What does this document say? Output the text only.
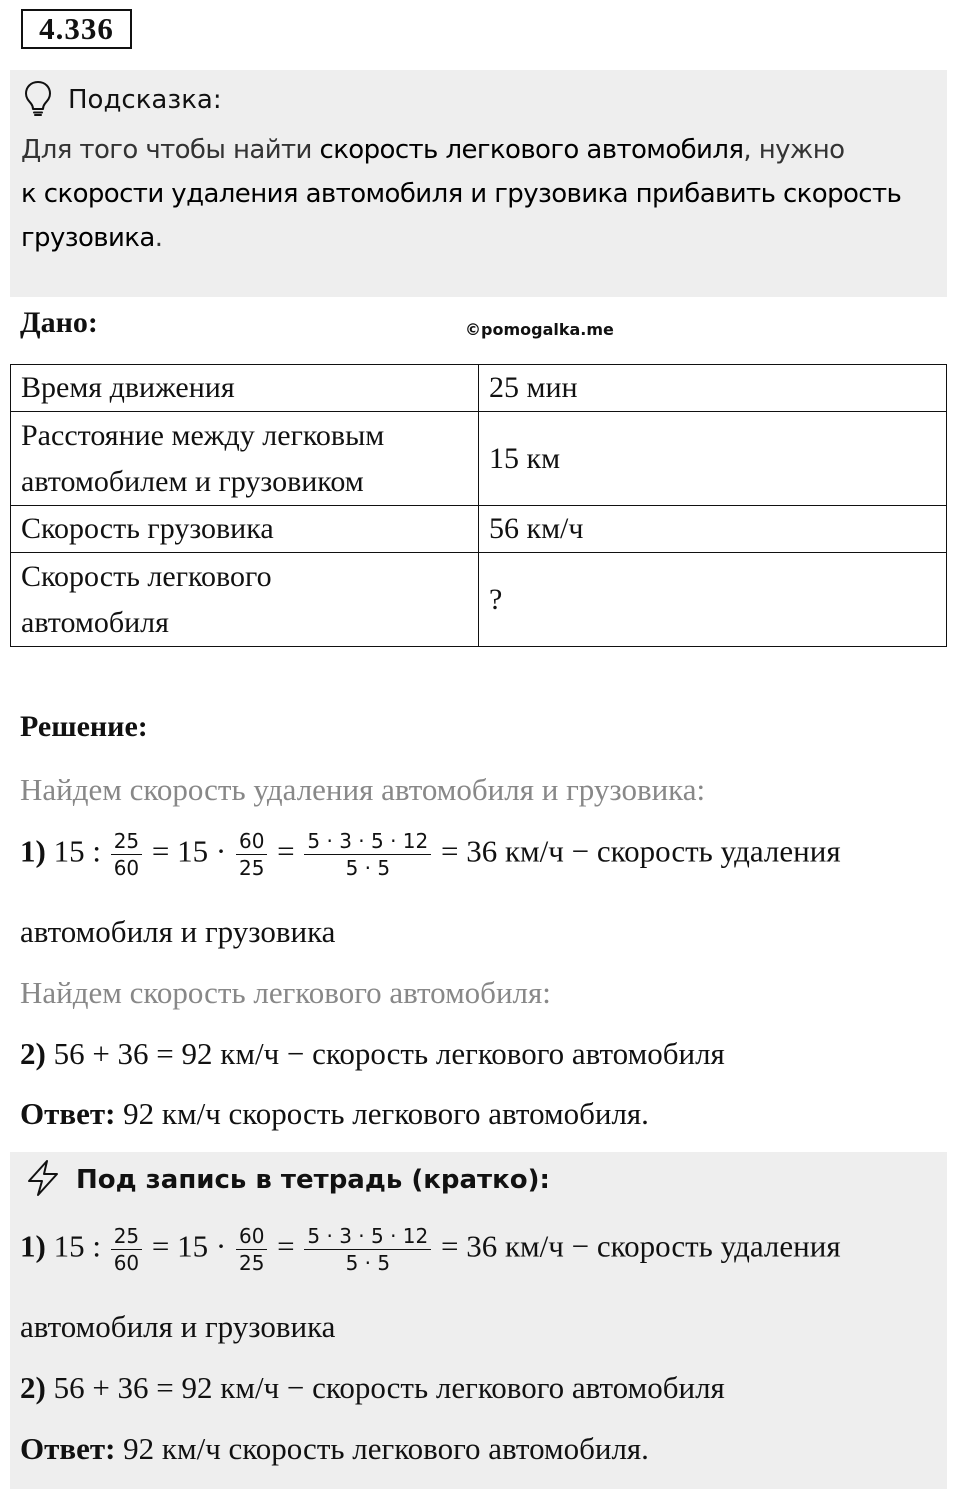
4.336
Подсказка:
Для того чтобы найти скорость легкового автомобиля, нужно
к скорости удаления автомобиля и грузовика прибавить скорость грузовика.
Дано:	©pomogalka.me
Время движения	25 мин
Расстояние между легковым
автомобилем и грузовиком	15 км
Скорость грузовика	56 км/ч
Скорость легкового
автомобиля	?
Решение:
Найдем скорость удаления автомобиля и грузовика:
1) 15 : $\frac{25}{60} = 15 \cdot \frac{60}{25} = \frac{5 \cdot 3 \cdot 5 \cdot 12}{5 \cdot 5} = 36$ км/ч − скорость удаления
автомобиля и грузовика
Найдем скорость легкового автомобиля:
2) 56 + 36 = 92 км/ч − скорость легкового автомобиля
Ответ: 92 км/ч скорость легкового автомобиля.
Под запись в тетрадь (кратко):
1) 15 : $\frac{25}{60} = 15 \cdot \frac{60}{25} = \frac{5 \cdot 3 \cdot 5 \cdot 12}{5 \cdot 5} = 36$ км/ч − скорость удаления
автомобиля и грузовика
2) 56 + 36 = 92 км/ч − скорость легкового автомобиля
Ответ: 92 км/ч скорость легкового автомобиля.
